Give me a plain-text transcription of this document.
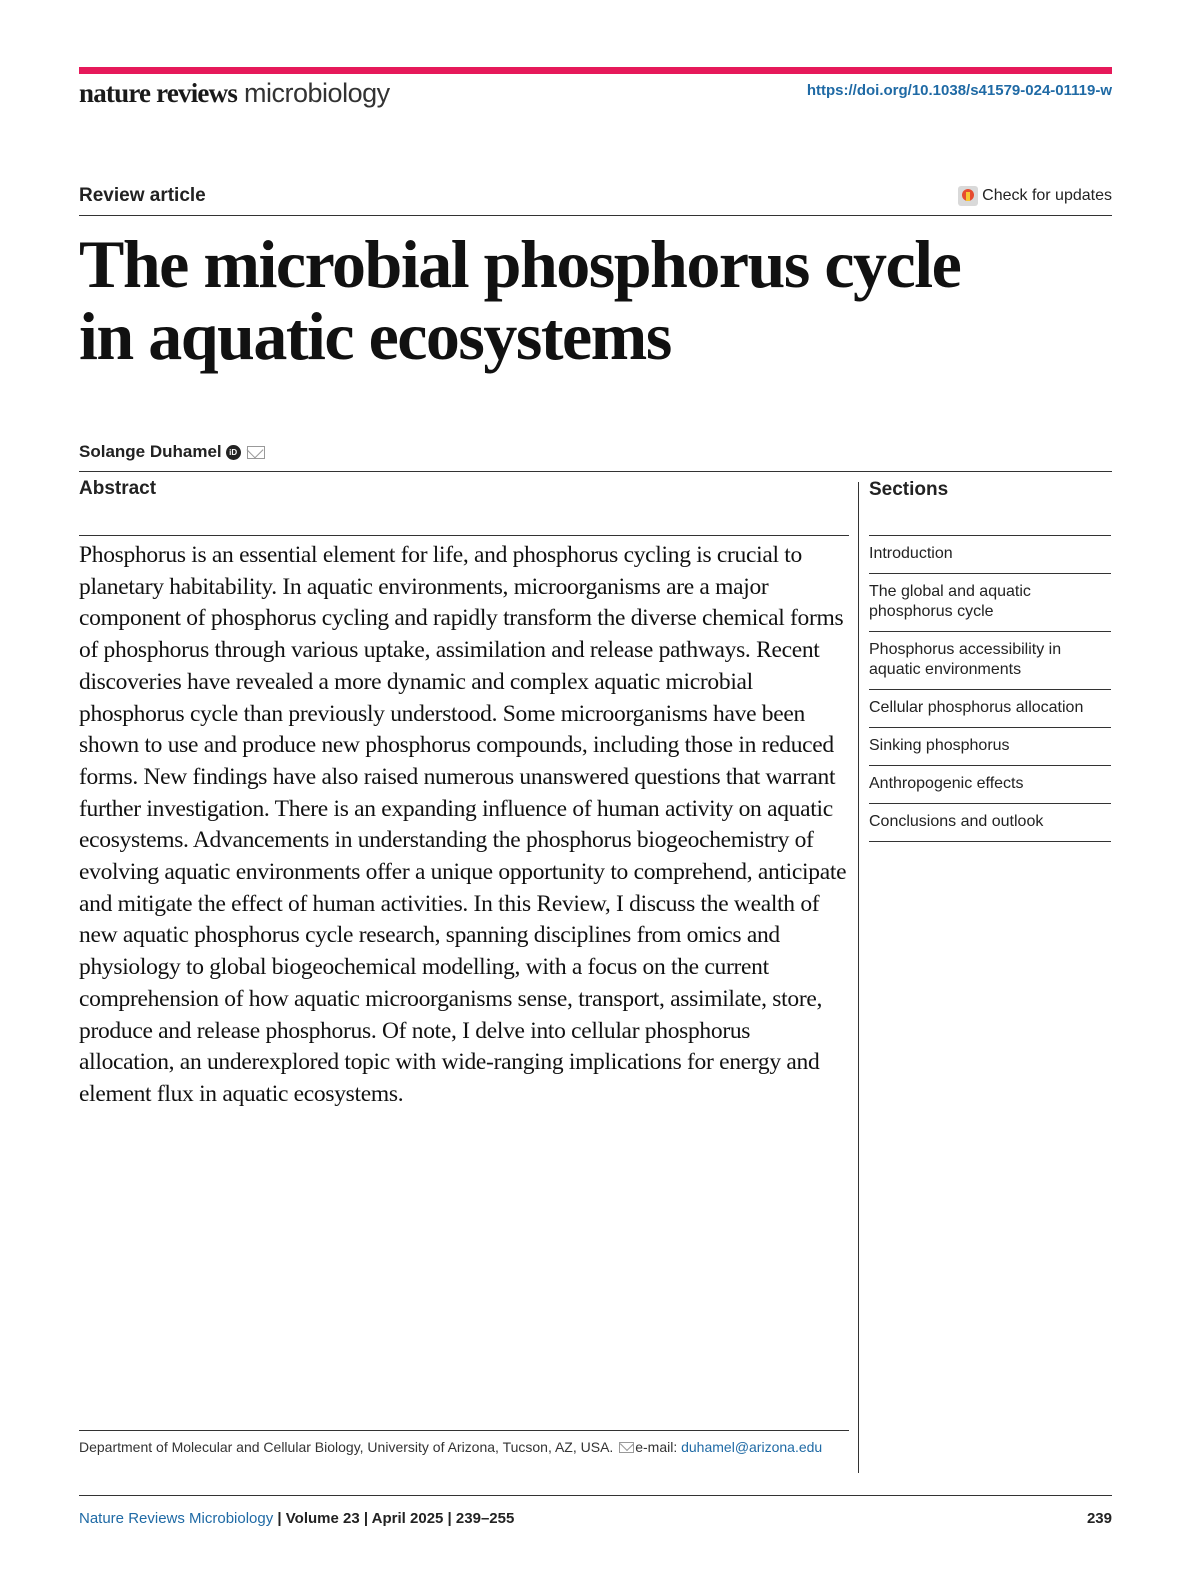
nature reviews microbiology	https://doi.org/10.1038/s41579-024-01119-w
Review article	Check for updates
The microbial phosphorus cycle in aquatic ecosystems
Solange Duhamel iD
Abstract

Phosphorus is an essential element for life, and phosphorus cycling is crucial to planetary habitability. In aquatic environments, microorganisms are a major component of phosphorus cycling and rapidly transform the diverse chemical forms of phosphorus through various uptake, assimilation and release pathways. Recent discoveries have revealed a more dynamic and complex aquatic microbial phosphorus cycle than previously understood. Some microorganisms have been shown to use and produce new phosphorus compounds, including those in reduced forms. New findings have also raised numerous unanswered questions that warrant further investigation. There is an expanding influence of human activity on aquatic ecosystems. Advancements in understanding the phosphorus biogeochemistry of evolving aquatic environments offer a unique opportunity to comprehend, anticipate and mitigate the effect of human activities. In this Review, I discuss the wealth of new aquatic phosphorus cycle research, spanning disciplines from omics and physiology to global biogeochemical modelling, with a focus on the current comprehension of how aquatic microorganisms sense, transport, assimilate, store, produce and release phosphorus. Of note, I delve into cellular phosphorus allocation, an underexplored topic with wide-ranging implications for energy and element flux in aquatic ecosystems.

Sections
Introduction
The global and aquatic phosphorus cycle
Phosphorus accessibility in aquatic environments
Cellular phosphorus allocation
Sinking phosphorus
Anthropogenic effects
Conclusions and outlook
Department of Molecular and Cellular Biology, University of Arizona, Tucson, AZ, USA. e-mail: duhamel@arizona.edu
Nature Reviews Microbiology | Volume 23 | April 2025 | 239–255	239
